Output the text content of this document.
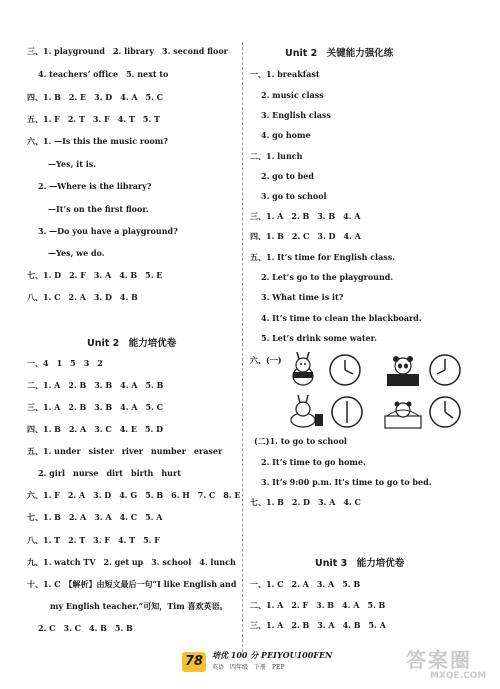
三、1. playground　2. library　3. second floor
4. teachers’ office　5. next to
四、1. B　2. E　3. D　4. A　5. C
五、1. F　2. T　3. F　4. T　5. T
六、1. —Is this the music room?
—Yes, it is.
2. —Where is the library?
—It’s on the first floor.
3. —Do you have a playground?
—Yes, we do.
七、1. D　2. F　3. A　4. B　5. E
八、1. C　2. A　3. D　4. B
Unit 2　能力培优卷
一、4　1　5　3　2
二、1. A　2. B　3. B　4. A　5. B
三、1. A　2. B　3. B　4. A　5. C
四、1. B　2. A　3. C　4. E　5. D
五、1. under　sister　river　number　eraser
2. girl　nurse　dirt　birth　hurt
六、1. F　2. A　3. D　4. G　5. B　6. H　7. C　8. E
七、1. B　2. A　3. A　4. C　5. A
八、1. T　2. T　3. F　4. T　5. F
九、1. watch TV　2. get up　3. school　4. lunch
十、1. C　【解析】由短文最后一句“I like English and
my English teacher.”可知，Tim 喜欢英语。
2. C　3. C　4. B　5. B
Unit 2　关键能力强化练
一、1. breakfast
2. music class
3. English class
4. go home
二、1. lunch
2. go to bed
3. go to school
三、1. A　2. B　3. B　4. A
四、1. B　2. C　3. D　4. A
五、1. It’s time for English class.
2. Let’s go to the playground.
3. What time is it?
4. It’s time to clean the blackboard.
5. Let’s drink some water.
六、(一)
(二)1. to go to school
2. It’s time to go home.
3. It’s 9:00 p.m. It’s time to go to bed.
七、1. B　2. D　3. A　4. C
Unit 3　能力培优卷
一、1. C　2. A　3. A　5. B
二、1. A　2. F　3. B　4. A　5. B
三、1. A　2. B　3. A　4. B　5. A
78	培优 100 分 PEIYOU100FEN
英语　四年级　下册　PEP	答案圈
MXQE.COM
